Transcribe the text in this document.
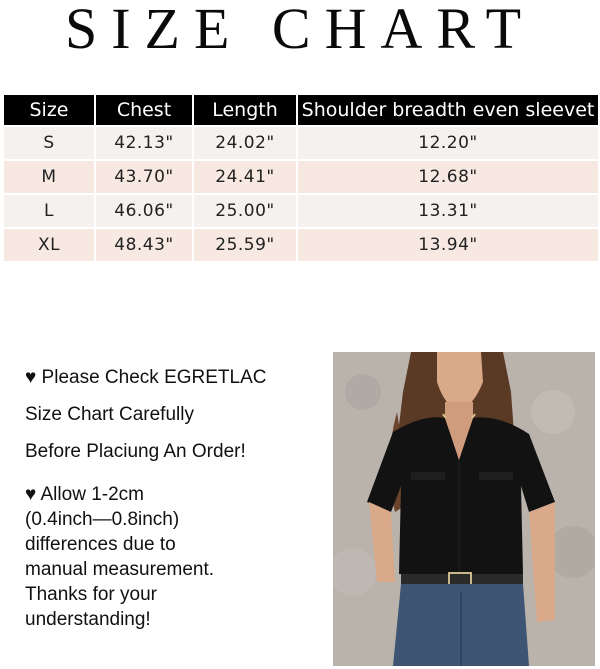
SIZE CHART
Size	Chest	Length	Shoulder breadth even sleevet
S	42.13"	24.02"	12.20"
M	43.70"	24.41"	12.68"
L	46.06"	25.00"	13.31"
XL	48.43"	25.59"	13.94"
♥ Please Check EGRETLAC
Size Chart Carefully
Before Placiung An Order!
♥ Allow 1-2cm
(0.4inch—0.8inch)
differences due to
manual measurement.
Thanks for your
understanding!
